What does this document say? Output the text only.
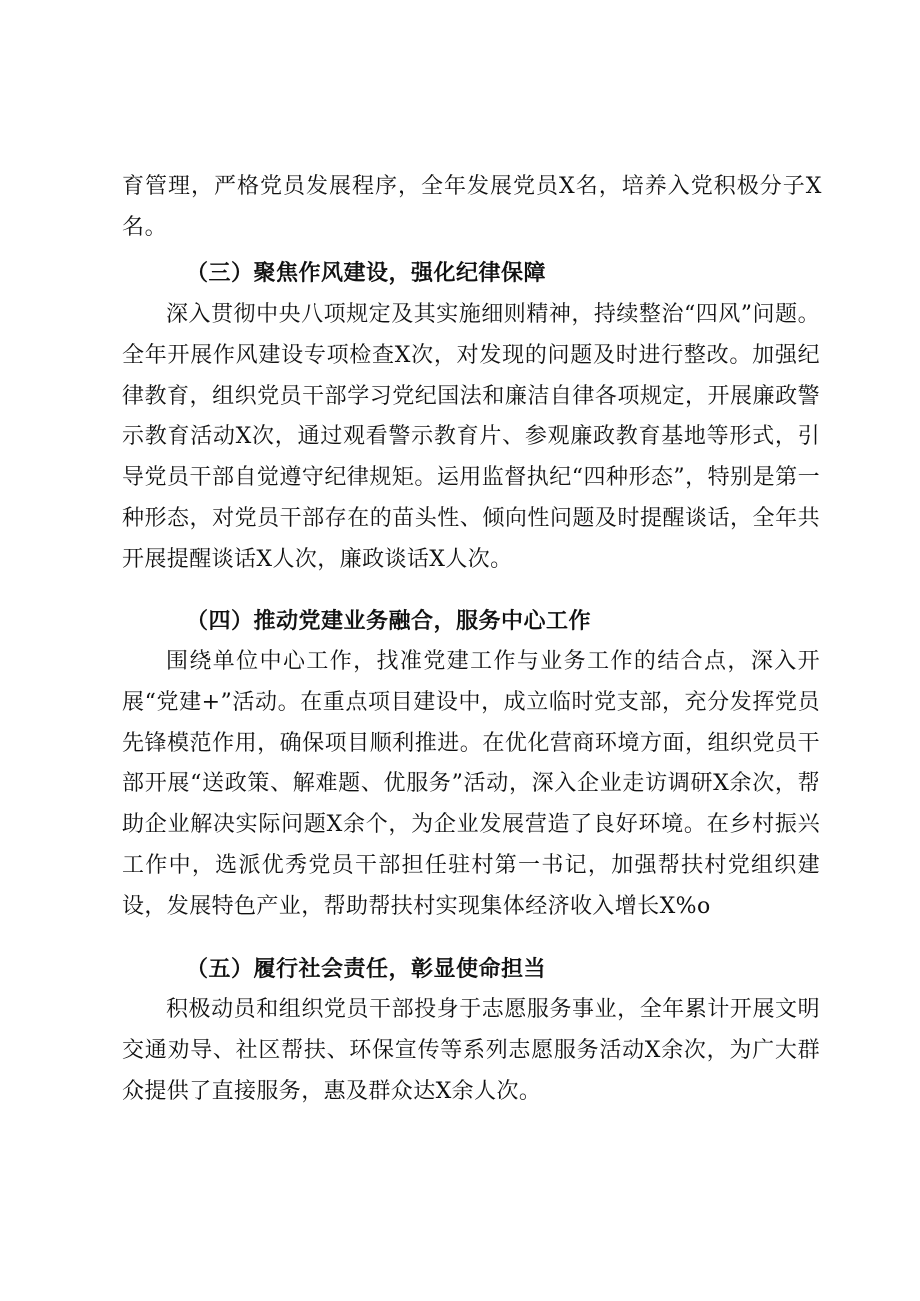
育管理，严格党员发展程序，全年发展党员X名，培养入党积极分子X名。
（三）聚焦作风建设，强化纪律保障

深入贯彻中央八项规定及其实施细则精神，持续整治“四风”问题。全年开展作风建设专项检查X次，对发现的问题及时进行整改。加强纪律教育，组织党员干部学习党纪国法和廉洁自律各项规定，开展廉政警示教育活动X次，通过观看警示教育片、参观廉政教育基地等形式，引导党员干部自觉遵守纪律规矩。运用监督执纪“四种形态”，特别是第一种形态，对党员干部存在的苗头性、倾向性问题及时提醒谈话，全年共开展提醒谈话X人次，廉政谈话X人次。

（四）推动党建业务融合，服务中心工作

围绕单位中心工作，找准党建工作与业务工作的结合点，深入开展“党建+”活动。在重点项目建设中，成立临时党支部，充分发挥党员先锋模范作用，确保项目顺利推进。在优化营商环境方面，组织党员干部开展“送政策、解难题、优服务”活动，深入企业走访调研X余次，帮助企业解决实际问题X余个，为企业发展营造了良好环境。在乡村振兴工作中，选派优秀党员干部担任驻村第一书记，加强帮扶村党组织建设，发展特色产业，帮助帮扶村实现集体经济收入增长X%o

（五）履行社会责任，彰显使命担当

积极动员和组织党员干部投身于志愿服务事业，全年累计开展文明交通劝导、社区帮扶、环保宣传等系列志愿服务活动X余次，为广大群众提供了直接服务，惠及群众达X余人次。
